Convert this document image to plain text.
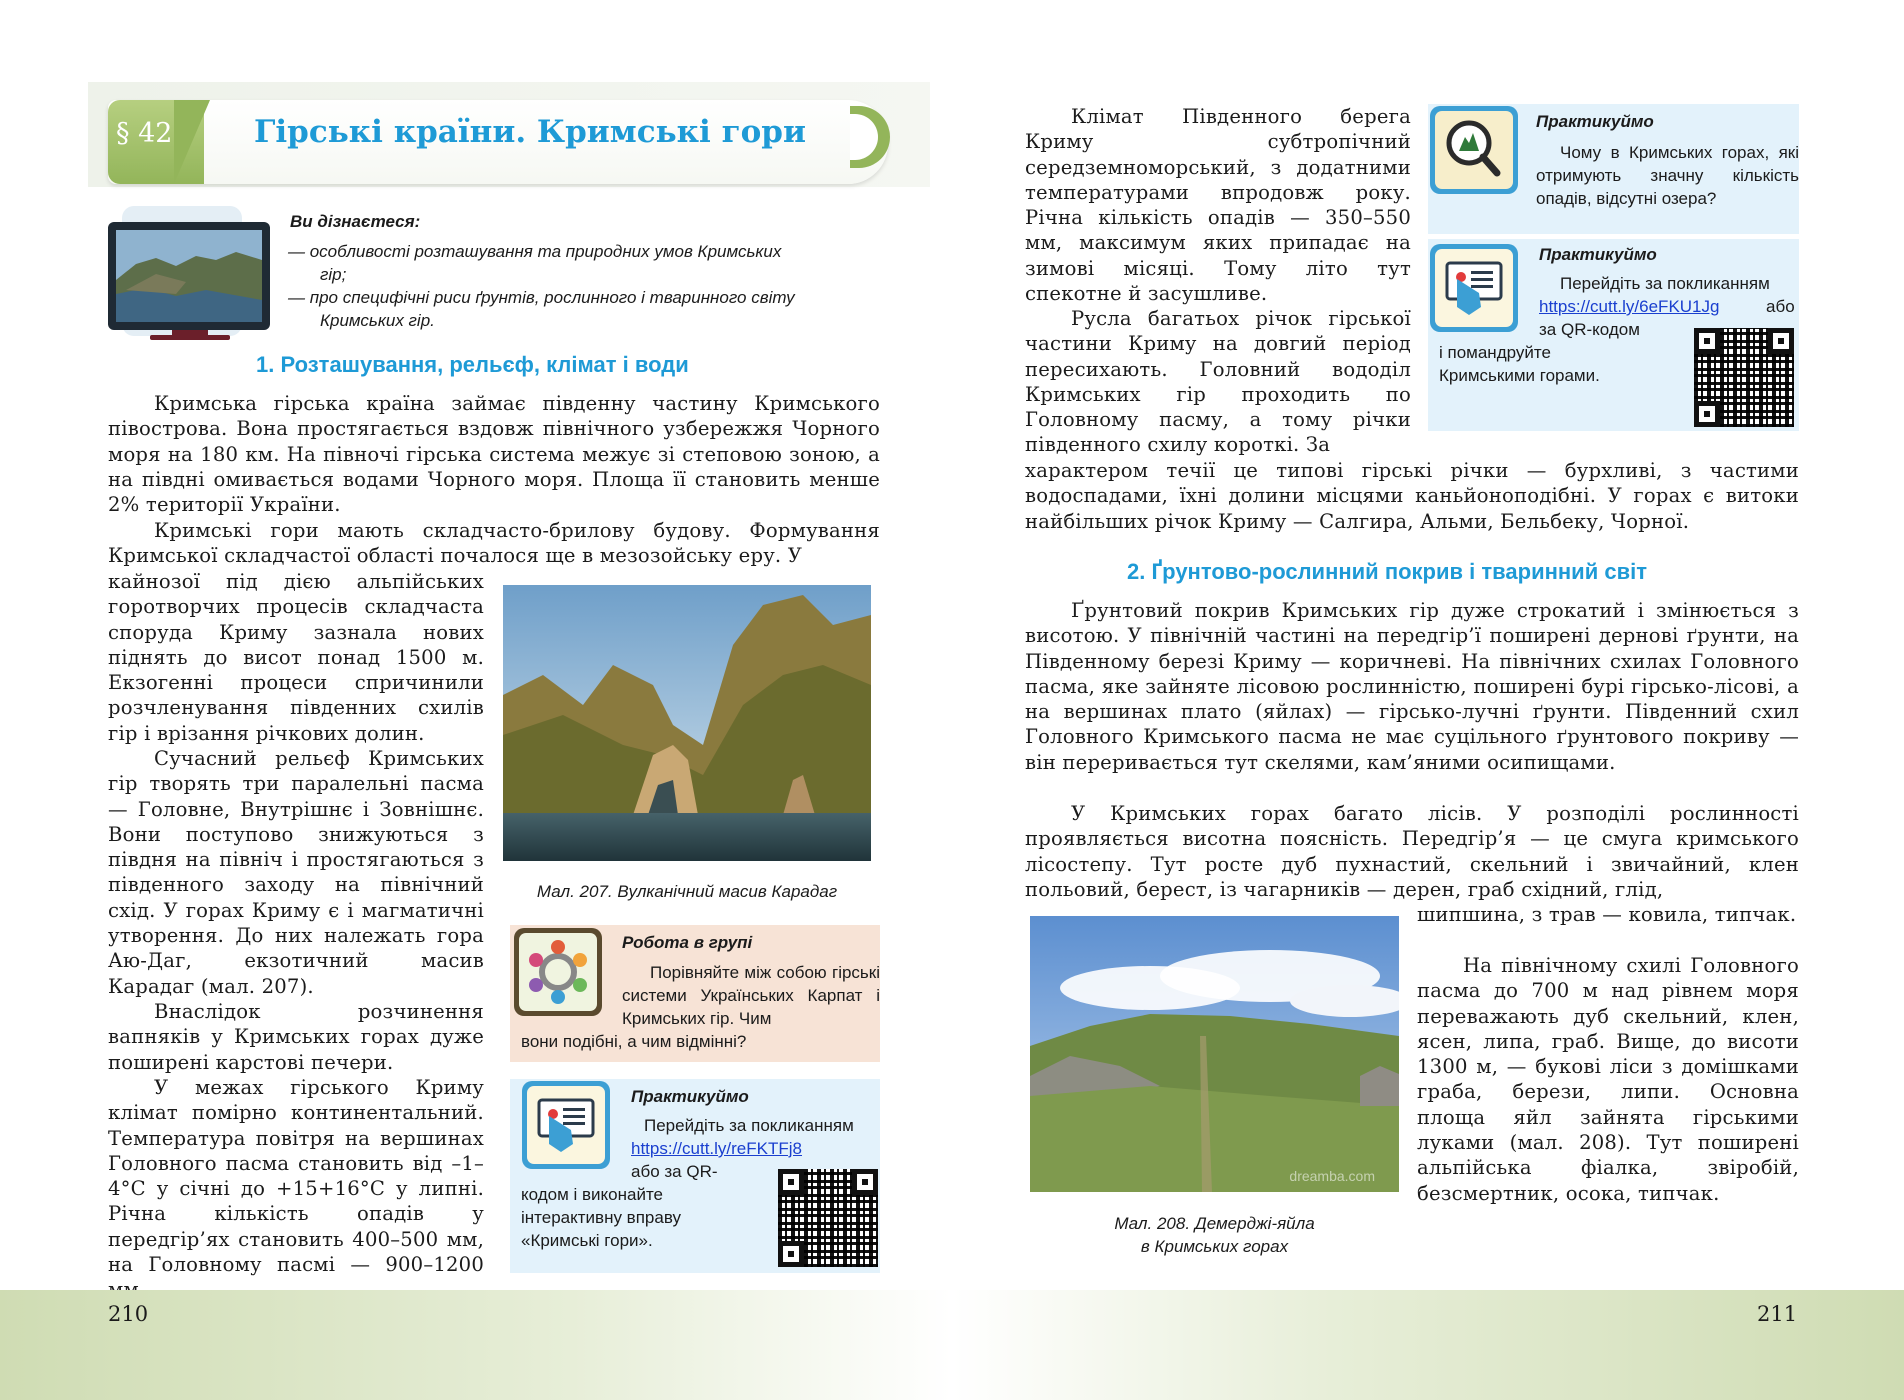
§ 42	Гірські країни. Кримські гори
Ви дізнаєтеся:
— особливості розташування та природних умов Кримських
гір;
— про специфічні риси ґрунтів, рослинного і тваринного світу
Кримських гір.
1. Розташування, рельєф, клімат і води
Кримська гірська країна займає південну частину Кримського півострова. Вона простягається вздовж північного узбережжя Чорного моря на 180 км. На півночі гірська система межує зі степовою зоною, а на півдні омивається водами Чорного моря. Площа її становить менше 2% території України.
Кримські гори мають складчасто-брилову будову. Формування Кримської складчастої області почалося ще в мезозойську еру. У
кайнозої під дією альпійських горотворчих процесів складчаста споруда Криму зазнала нових піднять до висот понад 1500 м. Екзогенні процеси спричинили розчленування південних схилів гір і врізання річкових долин.
Сучасний рельєф Кримських гір творять три паралельні пасма — Головне, Внутрішнє і Зовнішнє. Вони поступово знижуються з півдня на північ і простягаються з південного заходу на північний схід. У горах Криму є і магматичні утворення. До них належать гора Аю-Даг, екзотичний масив Карадаг (мал. 207).
Внаслідок розчинення вапняків у Кримських горах дуже поширені карстові печери.
У межах гірського Криму клімат помірно континентальний. Температура повітря на вершинах Головного пасма становить від –1–4°С у січні до +15+16°С у липні. Річна кількість опадів у передгір’ях становить 400–500 мм, на Головному пасмі — 900–1200
Мал. 207. Вулканічний масив Карадаг
Робота в групі
Порівняйте між собою гірські системи Українських Карпат і Кримських гір. Чим
вони подібні, а чим відмінні?
Практикуймо
Перейдіть за покликанням
https://cutt.ly/reFKTFj8
або за QR-
кодом і виконайте інтерактивну вправу «Кримські гори».
Клімат Південного берега Криму субтропічний середземноморський, з додатними температурами впродовж року. Річна кількість опадів — 350–550 мм, максимум яких припадає на зимові місяці. Тому літо тут спекотне й засушливе.
Русла багатьох річок гірської частини Криму на довгий період пересихають. Головний вододіл Кримських гір проходить по Головному пасму, а тому річки південного схилу короткі. За
характером течії це типові гірські річки — бурхливі, з частими водоспадами, їхні долини місцями каньйоноподібні. У горах є витоки найбільших річок Криму — Салгира, Альми, Бельбеку, Чорної.
Практикуймо
Чому в Кримських горах, які отримують значну кількість опадів, відсутні озера?
Практикуймо
Перейдіть за покликанням
https://cutt.ly/6eFKU1Jg	або
за QR-кодом
і помандруйте Кримськими горами.
2. Ґрунтово-рослинний покрив і тваринний світ
Ґрунтовий покрив Кримських гір дуже строкатий і змінюється з висотою. У північній частині на передгір’ї поширені дернові ґрунти, на Південному березі Криму — коричневі. На північних схилах Головного пасма, яке зайняте лісовою рослинністю, поширені бурі гірсько-лісові, а на вершинах плато (яйлах) — гірсько-лучні ґрунти. Південний схил Головного Кримського пасма не має суцільного ґрунтового покриву — він переривається тут скелями, кам’яними осипищами.
У Кримських горах багато лісів. У розподілі рослинності проявляється висотна поясність. Передгір’я — це смуга кримського лісостепу. Тут росте дуб пухнастий, скельний і звичайний, клен польовий, берест, із чагарників — дерен, граб східний, глід,
шипшина, з трав — ковила, типчак.
На північному схилі Головного пасма до 700 м над рівнем моря переважають дуб скельний, клен, ясен, липа, граб. Вище, до висоти 1300 м, — букові ліси з домішками граба, берези, липи. Основна площа яйл зайнята гірськими луками (мал. 208). Тут поширені альпійська фіалка, звіробій, безсмертник, осока, типчак.
dreamba.com
Мал. 208. Демерджі-яйла
в Кримських горах
210	211
